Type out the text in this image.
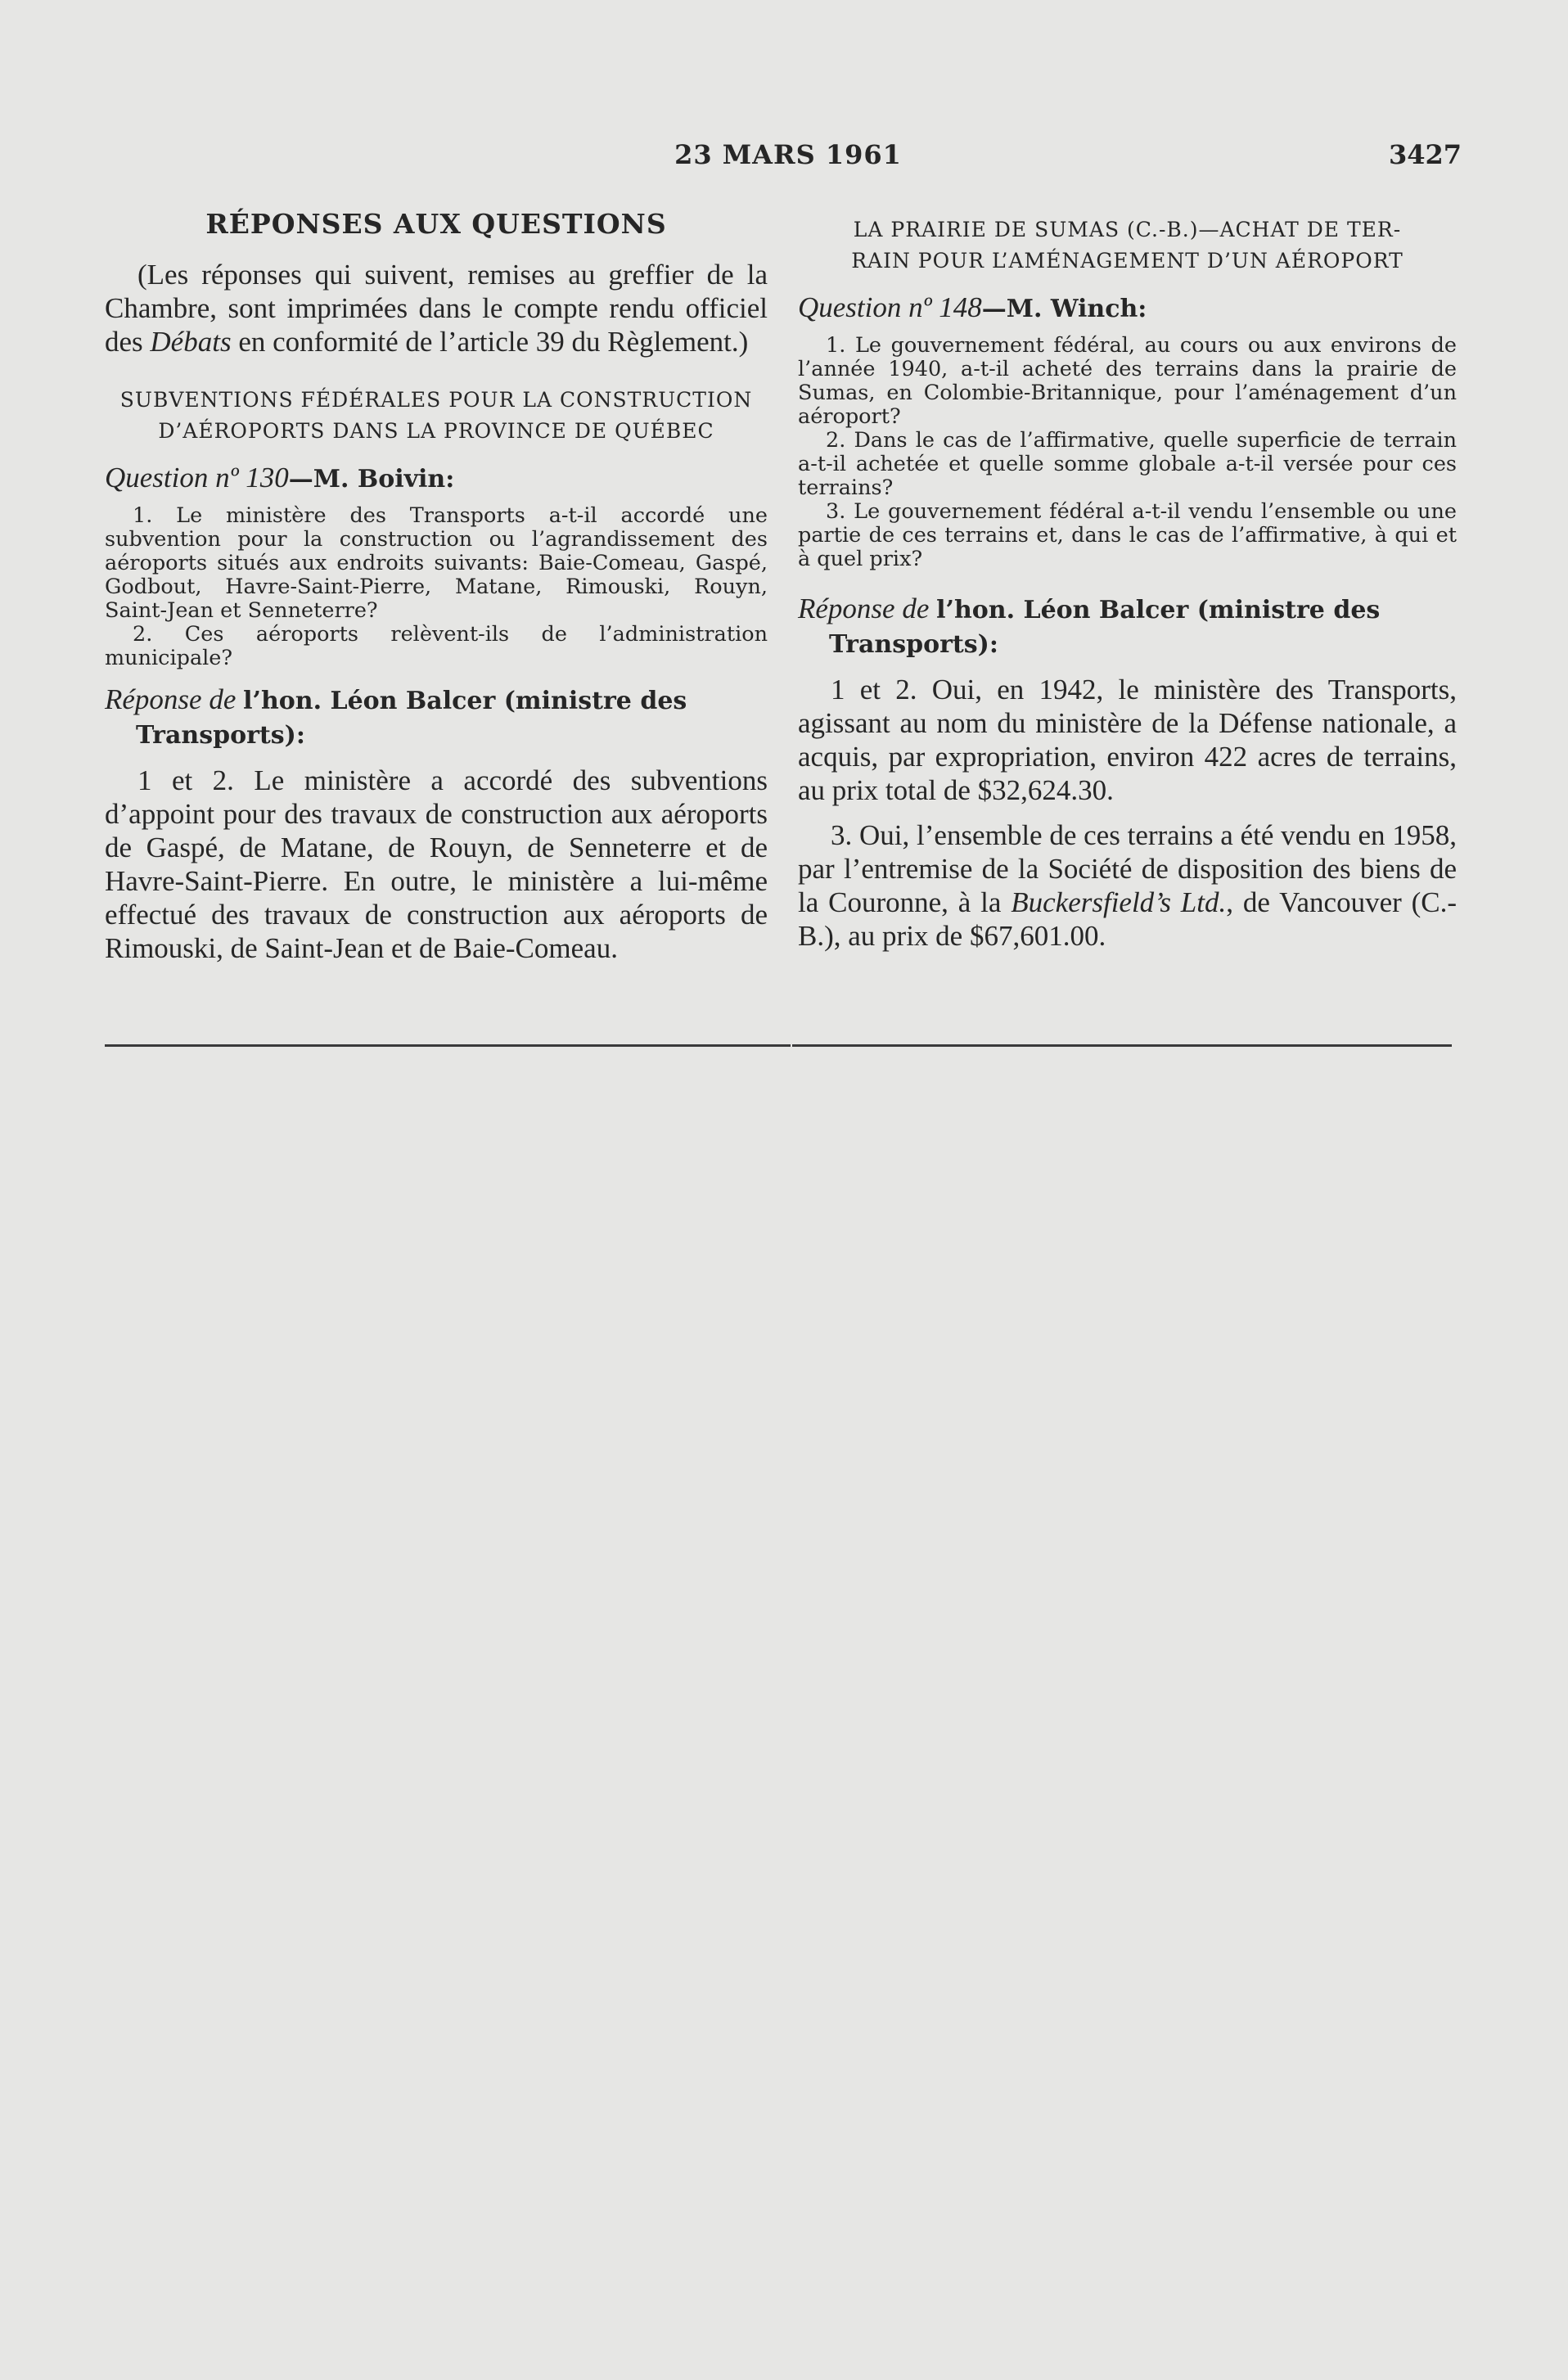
23 MARS 1961	3427
RÉPONSES AUX QUESTIONS

(Les réponses qui suivent, remises au greffier de la Chambre, sont imprimées dans le compte rendu officiel des Débats en conformité de l’article 39 du Règlement.)

SUBVENTIONS FÉDÉRALES POUR LA CONSTRUCTION
D’AÉROPORTS DANS LA PROVINCE DE QUÉBEC
Question nº 130—M. Boivin:

1. Le ministère des Transports a-t-il accordé une subvention pour la construction ou l’agrandissement des aéroports situés aux endroits suivants: Baie-Comeau, Gaspé, Godbout, Havre-Saint-Pierre, Matane, Rimouski, Rouyn, Saint-Jean et Senneterre?

2. Ces aéroports relèvent-ils de l’administration municipale?

Réponse de l’hon. Léon Balcer (ministre des Transports):

1 et 2. Le ministère a accordé des subventions d’appoint pour des travaux de construction aux aéroports de Gaspé, de Matane, de Rouyn, de Senneterre et de Havre-Saint-Pierre. En outre, le ministère a lui-même effectué des travaux de construction aux aéroports de Rimouski, de Saint-Jean et de Baie-Comeau.

LA PRAIRIE DE SUMAS (C.-B.)—ACHAT DE TER-
RAIN POUR L’AMÉNAGEMENT D’UN AÉROPORT
Question nº 148—M. Winch:

1. Le gouvernement fédéral, au cours ou aux environs de l’année 1940, a-t-il acheté des terrains dans la prairie de Sumas, en Colombie-Britannique, pour l’aménagement d’un aéroport?

2. Dans le cas de l’affirmative, quelle superficie de terrain a-t-il achetée et quelle somme globale a-t-il versée pour ces terrains?

3. Le gouvernement fédéral a-t-il vendu l’ensemble ou une partie de ces terrains et, dans le cas de l’affirmative, à qui et à quel prix?

Réponse de l’hon. Léon Balcer (ministre des Transports):

1 et 2. Oui, en 1942, le ministère des Transports, agissant au nom du ministère de la Défense nationale, a acquis, par expropriation, environ 422 acres de terrains, au prix total de $32,624.30.

3. Oui, l’ensemble de ces terrains a été vendu en 1958, par l’entremise de la Société de disposition des biens de la Couronne, à la Buckersfield’s Ltd., de Vancouver (C.-B.), au prix de $67,601.00.
